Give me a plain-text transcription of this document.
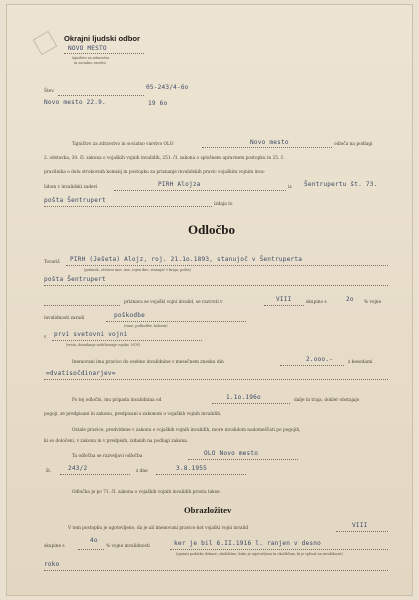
Okrajni ljudski odbor
NOVO MESTO
tajništvo za zdravstvo
in socialno varstvo
Štev.
05-243/4-6o
Novo mesto 22.9.	19 6o
Tajništvo za zdravstvo in socialno varstvo OLO	Novo mesto	odloča na podlagi
2. odstavka, 30. čl. zakona o vojaških vojnih invalidih, 251. čl. zakona o splošnem upravnem postopku in 25. č.
pravilnika o delu strokovnih komisij in postopku za priznanje invalidskih pravic vojaškim vojnim inva-
lidom v invalidski zadevi	PIRH Alojza	iz Šentrupertu št. 73.
pošta Šentrupert
izdaja to
Odločbo
Tovariš PIRH (Ješeta) Alojz, roj. 21.1o.1893, stanujoč v Šentruperta
(priimek, očetovo ime, ime, rojen dne, stanujoč v kraju, pošta)
pošta Šentrupert
priznava se vojaški vojni invalid, se razvrsti v	VIII	skupino s	2o % vojne
invalidnosti zaradi	poškodbe
(rane, poškodbe, bolezni)
v prvi svetovni vojni
(vrsta, dosedanje sodelovanje vojske, NOV)
Imenovani ima pravico do osebne invalidnine v mesečnem znesku din	2.ooo.-	z besedami
=dvatisočdinarjev=
Po tej odločbi, mu pripada invalidnina od	1.1o.196o	dalje in traja, dokler obstajajo
pogoji, ze predpisani in zakonu, predpisani s zakonom o vojaških vojnih invalidih.
Ostale pravice, predvidene v zakonu o vojaških vojnih invalidih, more invalidom nadomeščati po pogojih,
ki so določeni, v zakonu in v predpisih, izdanih na podlagi zakona.
Ta odločba se razveljavi odločba	OLO Novo mesto
št.	243/2	z dne	3.8.1955
Odločba je po 71. čl. zakona o vojaških vojnih invalidih prosta takse.
Obrazložitev
V tem postopku je ugotovljeno, da je ali imenovani pravice kot vojaški vojni invalid	VIII
skupine s
4o
% vojne invalidnosti	ker je bil 6.II.1916 l. ranjen v desno
(opisati podatke dokaze, okoliščine, kako je ugotovljena ta okoliščina, ki je vplival na invalidnost)
roko
